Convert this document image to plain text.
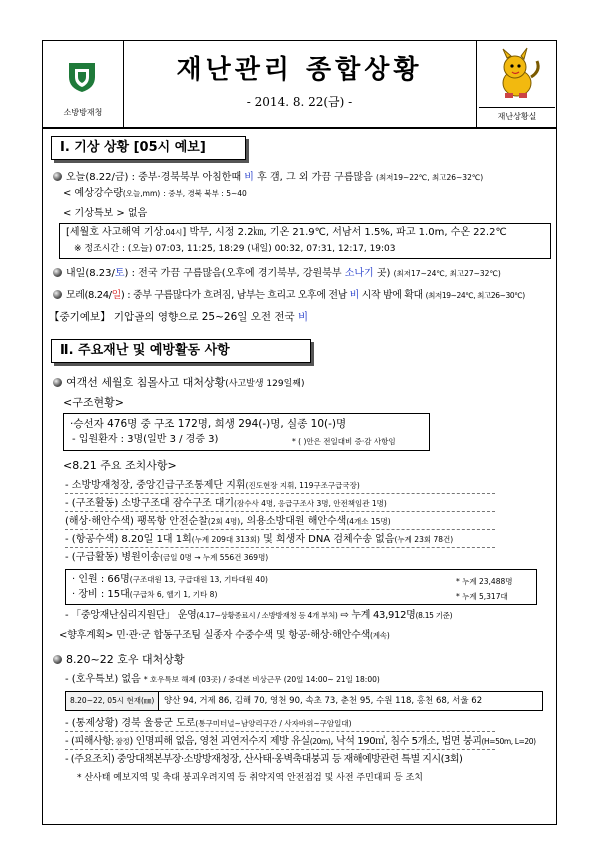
소방방재청
재난관리 종합상황
- 2014. 8. 22(금) -
재난상황실
Ⅰ. 기상 상황 [05시 예보]
오늘(8.22/금) : 중부·경북북부 아침한때 비 후 갬, 그 외 가끔 구름많음 (최저19~22℃, 최고26~32℃)
< 예상강수량(오늘,mm) : 중부, 경북 북부 : 5~40
< 기상특보 > 없음
[세월호 사고해역 기상.04시] 박무, 시정 2.2㎞, 기온 21.9℃, 서남서 1.5%, 파고 1.0m, 수온 22.2℃
※ 정조시간 : (오늘) 07:03, 11:25, 18:29 (내일) 00:32, 07:31, 12:17, 19:03
내일(8.23/토) : 전국 가끔 구름많음(오후에 경기북부, 강원북부 소나기 곳) (최저17~24℃, 최고27~32℃)
모레(8.24/일) : 중부 구름많다가 흐려짐, 남부는 흐리고 오후에 전남 비 시작 밤에 확대 (최저19~24℃, 최고26~30℃)
【중기예보】 기압골의 영향으로 25~26일 오전 전국 비
Ⅱ. 주요재난 및 예방활동 사항
여객선 세월호 침몰사고 대처상황(사고발생 129일째)
<구조현황>
·승선자 476명 중 구조 172명, 희생 294(-)명, 실종 10(-)명
- 입원환자 : 3명(일반 3 / 경증 3)	* ( )안은 전일대비 증·감 사항임
<8.21 주요 조치사항>
- 소방방재청장, 중앙긴급구조통제단 지휘(진도현장 지휘, 119구조구급국장)
- (구조활동) 소방구조대 잠수구조 대기(잠수사 4명, 응급구조사 3명, 안전책임관 1명)
(해상·해안수색) 팽목항 안전순찰(2회 4명), 의용소방대원 해안수색(4개소 15명)
- (항공수색) 8.20일 1대 1회(누계 209대 313회) 및 희생자 DNA 검체수송 없음(누계 23회 78건)
- (구급활동) 병원이송(금일 0명 → 누계 556건 369명)
· 인원 : 66명(구조대원 13, 구급대원 13, 기타대원 40)	* 누계 23,488명
· 장비 : 15대(구급차 6, 헬기 1, 기타 8)	* 누계 5,317대
- 「중앙재난심리지원단」 운영(4.17~상황종료시 / 소방방재청 등 4개 부처) ⇨ 누계 43,912명(8.15 기준)
<향후계획> 민·관·군 합동구조팀 실종자 수중수색 및 항공·해상·해안수색(계속)
8.20~22 호우 대처상황
- (호우특보) 없음 * 호우특보 해제 (03곳) / 중대본 비상근무 (20일 14:00~ 21일 18:00)
8.20~22, 05시 현재(㎜) 양산 94, 거제 86, 김해 70, 영천 90, 속초 73, 춘천 95, 수원 118, 홍천 68, 서울 62
- (통제상황) 경북 울릉군 도로(통구미터널~남양리구간 / 사자바위~구암일대)
- (피해사항; 잠정) 인명피해 없음, 영천 괴연저수지 제방 유실(20m), 낙석 190㎥, 침수 5개소, 법면 붕괴(H=50m, L=20)
- (주요조치) 중앙대책본부장·소방방재청장, 산사태·옹벽축대붕괴 등 재해예방관련 특별 지시(3회)
* 산사태 예보지역 및 축대 붕괴우려지역 등 취약지역 안전점검 및 사전 주민대피 등 조치
